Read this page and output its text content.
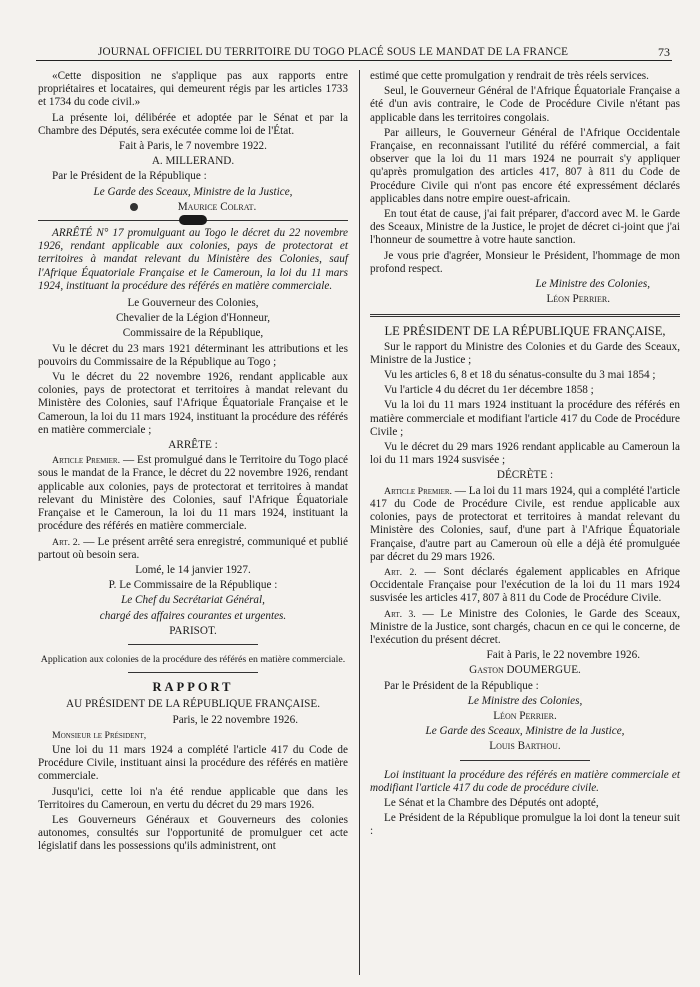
JOURNAL OFFICIEL DU TERRITOIRE DU TOGO PLACÉ SOUS LE MANDAT DE LA FRANCE	73

«Cette disposition ne s'applique pas aux rapports entre propriétaires et locataires, qui demeurent régis par les articles 1733 et 1734 du code civil.»

La présente loi, délibérée et adoptée par le Sénat et par la Chambre des Députés, sera exécutée comme loi de l'État.

Fait à Paris, le 7 novembre 1922.

A. MILLERAND.

Par le Président de la République :

Le Garde des Sceaux, Ministre de la Justice,

Maurice Colrat.

ARRÊTÉ N° 17 promulguant au Togo le décret du 22 novembre 1926, rendant applicable aux colonies, pays de protectorat et territoires à mandat relevant du Ministère des Colonies, sauf l'Afrique Équatoriale Française et le Cameroun, la loi du 11 mars 1924, instituant la procédure des référés en matière commerciale.

Le Gouverneur des Colonies,

Chevalier de la Légion d'Honneur,

Commissaire de la République,

Vu le décret du 23 mars 1921 déterminant les attributions et les pouvoirs du Commissaire de la République au Togo ;

Vu le décret du 22 novembre 1926, rendant applicable aux colonies, pays de protectorat et territoires à mandat relevant du Ministère des Colonies, sauf l'Afrique Équatoriale Française et le Cameroun, la loi du 11 mars 1924, instituant la procédure des référés en matière commerciale ;

ARRÊTE :

Article Premier. — Est promulgué dans le Territoire du Togo placé sous le mandat de la France, le décret du 22 novembre 1926, rendant applicable aux colonies, pays de protectorat et territoires à mandat relevant du Ministère des Colonies, sauf l'Afrique Équatoriale Française et le Cameroun, la loi du 11 mars 1924, instituant la procédure des référés en matière commerciale.

Art. 2. — Le présent arrêté sera enregistré, communiqué et publié partout où besoin sera.

Lomé, le 14 janvier 1927.

P. Le Commissaire de la République :

Le Chef du Secrétariat Général,

chargé des affaires courantes et urgentes.

PARISOT.

Application aux colonies de la procédure des référés en matière commerciale.

RAPPORT

AU PRÉSIDENT DE LA RÉPUBLIQUE FRANÇAISE.

Paris, le 22 novembre 1926.

Monsieur le Président,

Une loi du 11 mars 1924 a complété l'article 417 du Code de Procédure Civile, instituant ainsi la procédure des référés en matière commerciale.

Jusqu'ici, cette loi n'a été rendue applicable que dans les Territoires du Cameroun, en vertu du décret du 29 mars 1926.

Les Gouverneurs Généraux et Gouverneurs des colonies autonomes, consultés sur l'opportunité de promulguer cet acte législatif dans les possessions qu'ils administrent, ont

estimé que cette promulgation y rendrait de très réels services.

Seul, le Gouverneur Général de l'Afrique Équatoriale Française a été d'un avis contraire, le Code de Procédure Civile n'étant pas applicable dans les territoires congolais.

Par ailleurs, le Gouverneur Général de l'Afrique Occidentale Française, en reconnaissant l'utilité du référé commercial, a fait observer que la loi du 11 mars 1924 ne pourrait s'y appliquer qu'après promulgation des articles 417, 807 à 811 du Code de Procédure Civile qui n'ont pas encore été expressément déclarés applicables dans notre empire ouest-africain.

En tout état de cause, j'ai fait préparer, d'accord avec M. le Garde des Sceaux, Ministre de la Justice, le projet de décret ci-joint que j'ai l'honneur de soumettre à votre haute sanction.

Je vous prie d'agréer, Monsieur le Président, l'hommage de mon profond respect.

Le Ministre des Colonies,

Léon Perrier.

LE PRÉSIDENT DE LA RÉPUBLIQUE FRANÇAISE,

Sur le rapport du Ministre des Colonies et du Garde des Sceaux, Ministre de la Justice ;

Vu les articles 6, 8 et 18 du sénatus-consulte du 3 mai 1854 ;

Vu l'article 4 du décret du 1er décembre 1858 ;

Vu la loi du 11 mars 1924 instituant la procédure des référés en matière commerciale et modifiant l'article 417 du Code de Procédure Civile ;

Vu le décret du 29 mars 1926 rendant applicable au Cameroun la loi du 11 mars 1924 susvisée ;

DÉCRÈTE :

Article Premier. — La loi du 11 mars 1924, qui a complété l'article 417 du Code de Procédure Civile, est rendue applicable aux colonies, pays de protectorat et territoires à mandat relevant du Ministère des Colonies, sauf, d'une part à l'Afrique Équatoriale Française, d'autre part au Cameroun où elle a déjà été promulguée par décret du 29 mars 1926.

Art. 2. — Sont déclarés également applicables en Afrique Occidentale Française pour l'exécution de la loi du 11 mars 1924 susvisée les articles 417, 807 à 811 du Code de Procédure Civile.

Art. 3. — Le Ministre des Colonies, le Garde des Sceaux, Ministre de la Justice, sont chargés, chacun en ce qui le concerne, de l'exécution du présent décret.

Fait à Paris, le 22 novembre 1926.

Gaston DOUMERGUE.

Par le Président de la République :

Le Ministre des Colonies,

Léon Perrier.

Le Garde des Sceaux, Ministre de la Justice,

Louis Barthou.

Loi instituant la procédure des référés en matière commerciale et modifiant l'article 417 du code de procédure civile.

Le Sénat et la Chambre des Députés ont adopté,

Le Président de la République promulgue la loi dont la teneur suit :
